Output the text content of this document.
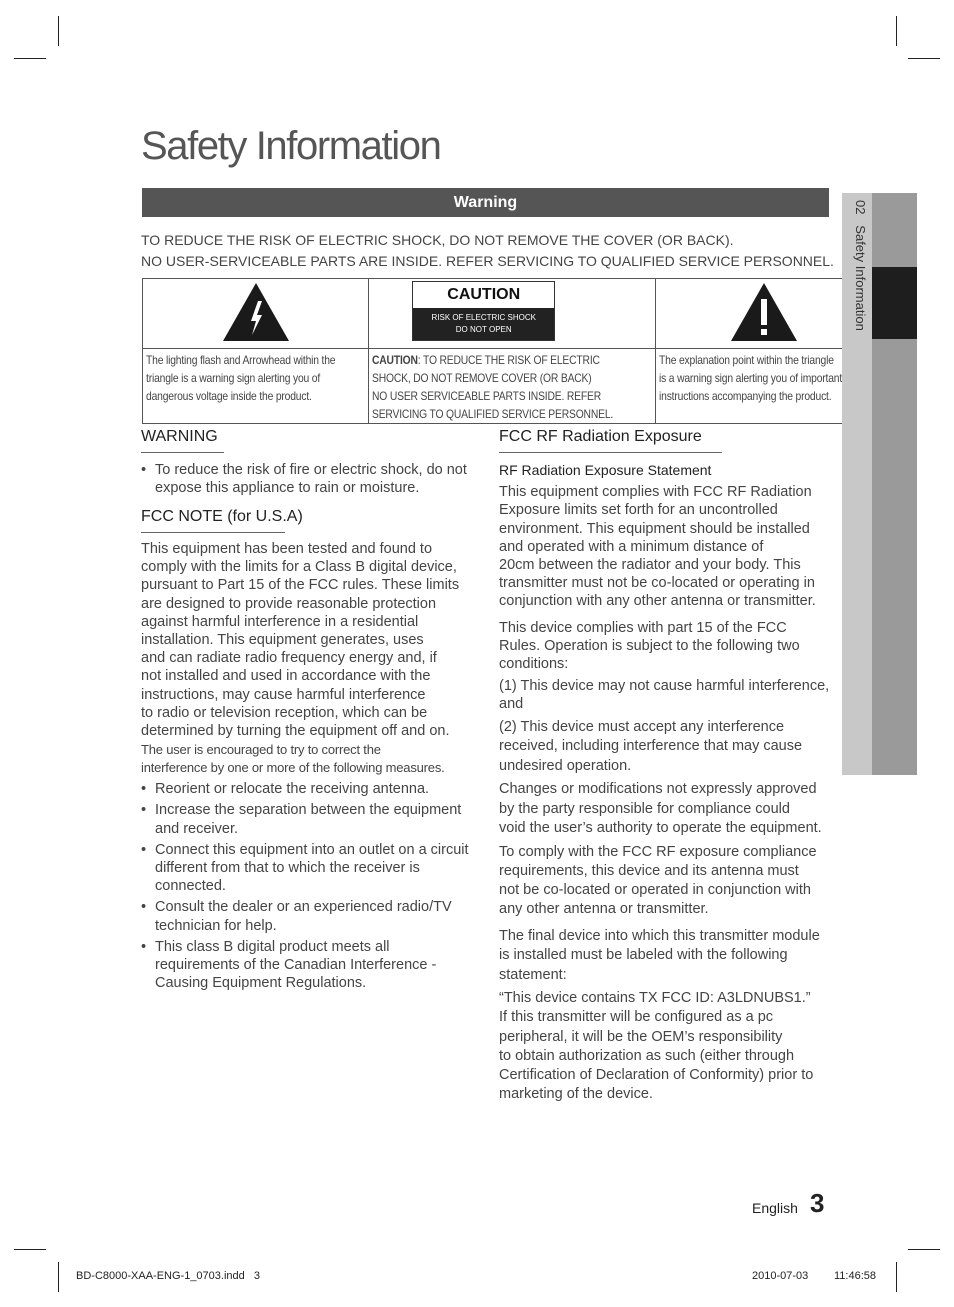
Safety Information
Warning

TO REDUCE THE RISK OF ELECTRIC SHOCK, DO NOT REMOVE THE COVER (OR BACK).

NO USER-SERVICEABLE PARTS ARE INSIDE. REFER SERVICING TO QUALIFIED SERVICE PERSONNEL.

CAUTION
RISK OF ELECTRIC SHOCK
DO NOT OPEN

The lighting flash and Arrowhead within the
triangle is a warning sign alerting you of
dangerous voltage inside the product.	CAUTION: TO REDUCE THE RISK OF ELECTRIC
SHOCK, DO NOT REMOVE COVER (OR BACK)
NO USER SERVICEABLE PARTS INSIDE. REFER
SERVICING TO QUALIFIED SERVICE PERSONNEL.	The explanation point within the triangle
is a warning sign alerting you of important
instructions accompanying the product.
WARNING
• To reduce the risk of fire or electric shock, do not expose this appliance to rain or moisture.
FCC NOTE (for U.S.A)

This equipment has been tested and found to

comply with the limits for a Class B digital device,

pursuant to Part 15 of the FCC rules. These limits

are designed to provide reasonable protection

against harmful interference in a residential

installation. This equipment generates, uses

and can radiate radio frequency energy and, if

not installed and used in accordance with the

instructions, may cause harmful interference

to radio or television reception, which can be

determined by turning the equipment off and on.

The user is encouraged to try to correct the

interference by one or more of the following measures.

• Reorient or relocate the receiving antenna.
• Increase the separation between the equipment and receiver.
• Connect this equipment into an outlet on a circuit different from that to which the receiver is connected.
• Consult the dealer or an experienced radio/TV technician for help.
• This class B digital product meets all requirements of the Canadian Interference - Causing Equipment Regulations.
FCC RF Radiation Exposure

RF Radiation Exposure Statement

This equipment complies with FCC RF Radiation

Exposure limits set forth for an uncontrolled

environment. This equipment should be installed

and operated with a minimum distance of

20cm between the radiator and your body. This

transmitter must not be co-located or operating in

conjunction with any other antenna or transmitter.

This device complies with part 15 of the FCC

Rules. Operation is subject to the following two

conditions:

(1) This device may not cause harmful interference,

and

(2) This device must accept any interference

received, including interference that may cause

undesired operation.

Changes or modifications not expressly approved

by the party responsible for compliance could

void the user’s authority to operate the equipment.

To comply with the FCC RF exposure compliance

requirements, this device and its antenna must

not be co-located or operated in conjunction with

any other antenna or transmitter.

The final device into which this transmitter module

is installed must be labeled with the following

statement:

“This device contains TX FCC ID: A3LDNUBS1.”

If this transmitter will be configured as a pc

peripheral, it will be the OEM’s responsibility

to obtain authorization as such (either through

Certification of Declaration of Conformity) prior to

marketing of the device.

02   Safety Information
English 3
BD-C8000-XAA-ENG-1_0703.indd   3	2010-07-03 11:46:58
